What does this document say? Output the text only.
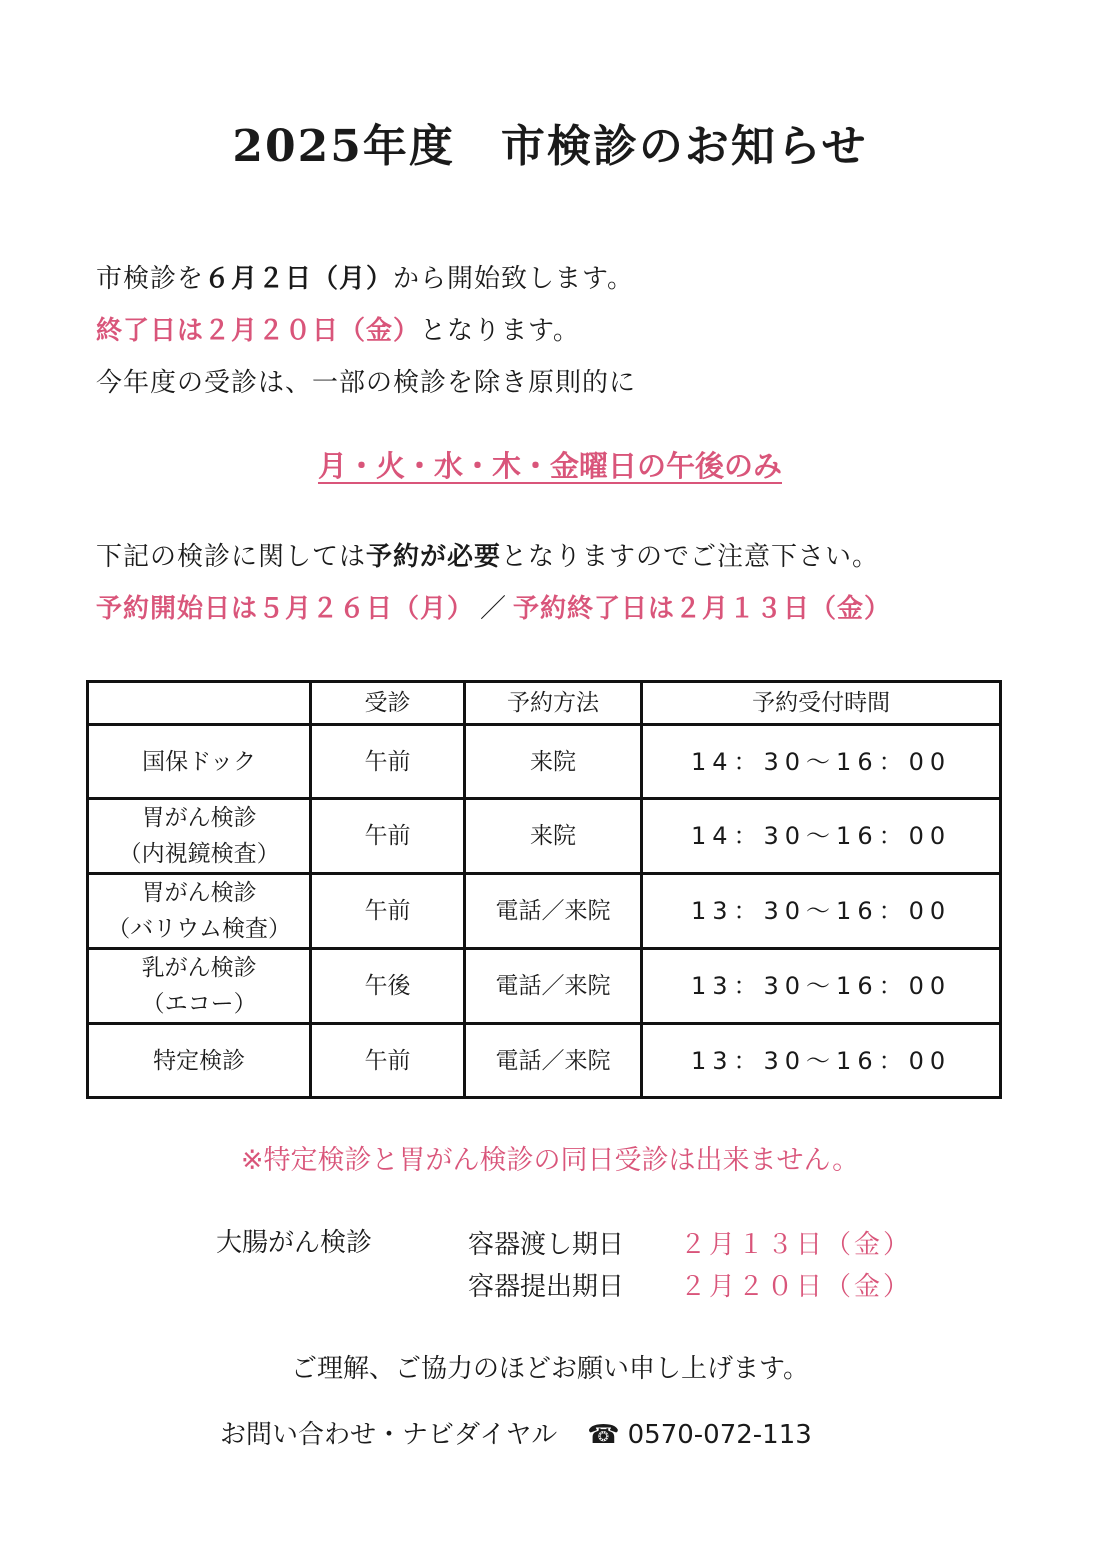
2025年度　市検診のお知らせ
市検診を６月２日（月）から開始致します。
終了日は２月２０日（金）となります。
今年度の受診は、一部の検診を除き原則的に
月・火・水・木・金曜日の午後のみ
下記の検診に関しては予約が必要となりますのでご注意下さい。
予約開始日は５月２６日（月） ／ 予約終了日は２月１３日（金）
	受診	予約方法	予約受付時間

国保ドック	午前	来院	14：30〜16：00

胃がん検診
（内視鏡検査）	午前	来院	14：30〜16：00

胃がん検診
（バリウム検査）	午前	電話／来院	13：30〜16：00

乳がん検診
（エコー）	午後	電話／来院	13：30〜16：00

特定検診	午前	電話／来院	13：30〜16：00
※特定検診と胃がん検診の同日受診は出来ません。
大腸がん検診	容器渡し期日 ２月１３日（金）
容器提出期日 ２月２０日（金）
ご理解、ご協力のほどお願い申し上げます。
お問い合わせ・ナビダイヤル ☎ 0570-072-113
